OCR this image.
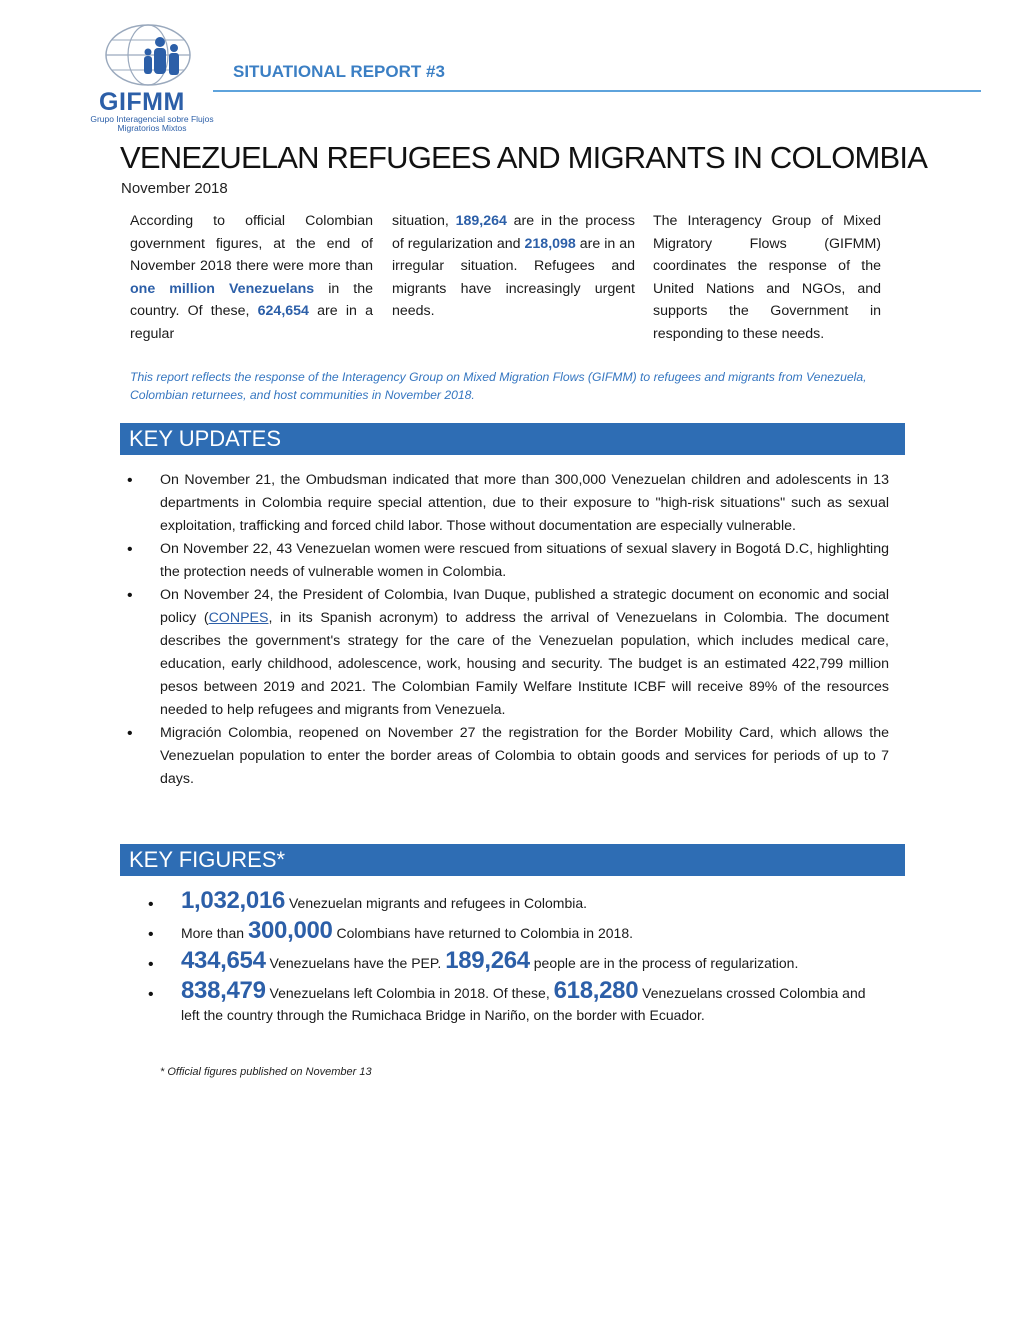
GIFMM
Grupo Interagencial sobre Flujos Migratorios Mixtos
SITUATIONAL REPORT #3
VENEZUELAN REFUGEES AND MIGRANTS IN COLOMBIA
November 2018
According to official Colombian government figures, at the end of November 2018 there were more than one million Venezuelans in the country. Of these, 624,654 are in a regular
situation, 189,264 are in the process of regularization and 218,098 are in an irregular situation. Refugees and migrants have increasingly urgent needs.
The Interagency Group of Mixed Migratory Flows (GIFMM) coordinates the response of the United Nations and NGOs, and supports the Government in responding to these needs.
This report reflects the response of the Interagency Group on Mixed Migration Flows (GIFMM) to refugees and migrants from Venezuela, Colombian returnees, and host communities in November 2018.
KEY UPDATES
• On November 21, the Ombudsman indicated that more than 300,000 Venezuelan children and adolescents in 13 departments in Colombia require special attention, due to their exposure to "high-risk situations" such as sexual exploitation, trafficking and forced child labor. Those without documentation are especially vulnerable.
• On November 22, 43 Venezuelan women were rescued from situations of sexual slavery in Bogotá D.C, highlighting the protection needs of vulnerable women in Colombia.
• On November 24, the President of Colombia, Ivan Duque, published a strategic document on economic and social policy (CONPES, in its Spanish acronym) to address the arrival of Venezuelans in Colombia. The document describes the government's strategy for the care of the Venezuelan population, which includes medical care, education, early childhood, adolescence, work, housing and security. The budget is an estimated 422,799 million pesos between 2019 and 2021. The Colombian Family Welfare Institute ICBF will receive 89% of the resources needed to help refugees and migrants from Venezuela.
• Migración Colombia, reopened on November 27 the registration for the Border Mobility Card, which allows the Venezuelan population to enter the border areas of Colombia to obtain goods and services for periods of up to 7 days.
KEY FIGURES*
• 1,032,016 Venezuelan migrants and refugees in Colombia.
• More than 300,000 Colombians have returned to Colombia in 2018.
• 434,654 Venezuelans have the PEP. 189,264 people are in the process of regularization.
• 838,479 Venezuelans left Colombia in 2018. Of these, 618,280 Venezuelans crossed Colombia and left the country through the Rumichaca Bridge in Nariño, on the border with Ecuador.
* Official figures published on November 13
